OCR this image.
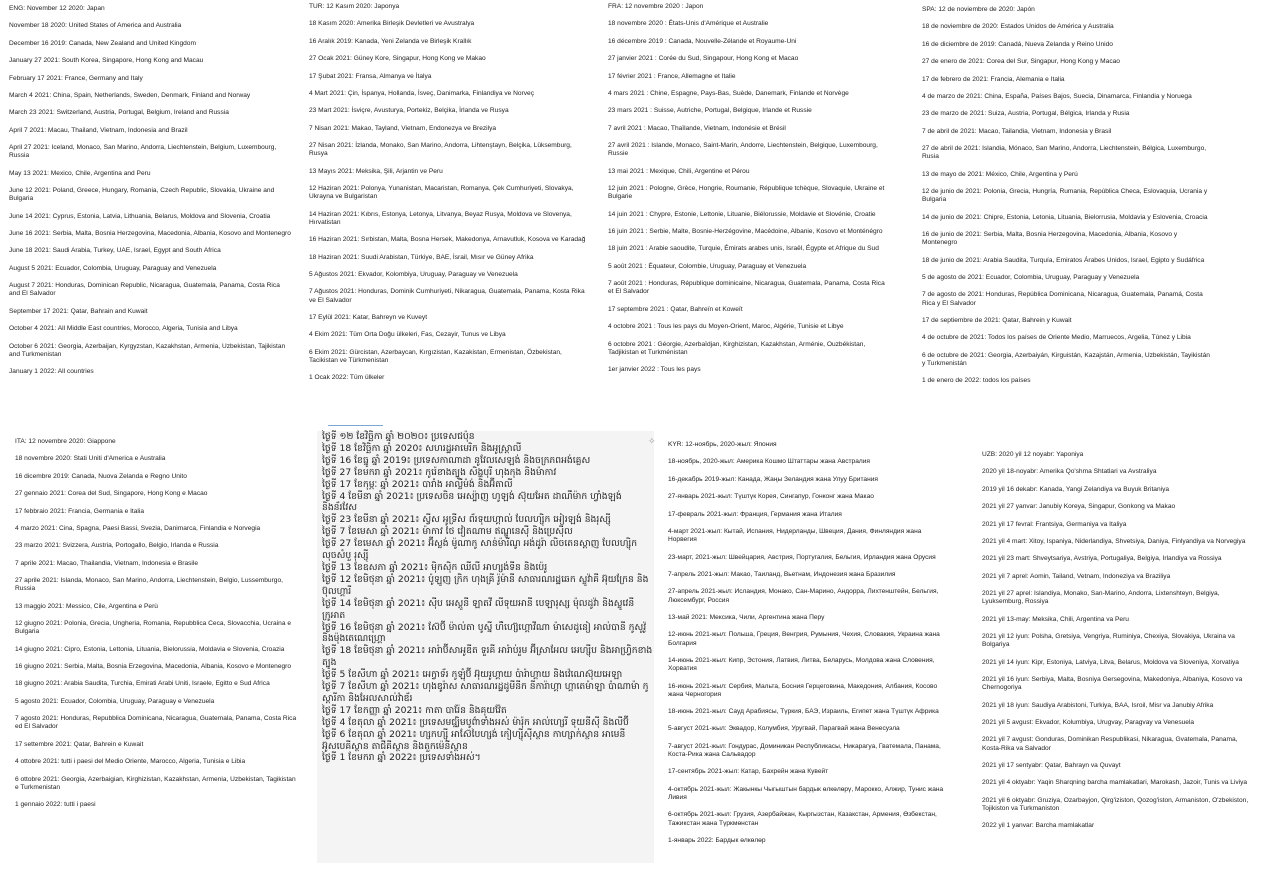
ENG: November 12 2020: Japan

November 18 2020: United States of America and Australia

December 16 2019: Canada, New Zealand and United Kingdom

January 27 2021: South Korea, Singapore, Hong Kong and Macau

February 17 2021: France, Germany and Italy

March 4 2021: China, Spain, Netherlands, Sweden, Denmark, Finland and Norway

March 23 2021: Switzerland, Austria, Portugal, Belgium, Ireland and Russia

April 7 2021: Macau, Thailand, Vietnam, Indonesia and Brazil

April 27 2021: Iceland, Monaco, San Marino, Andorra, Liechtenstein, Belgium, Luxembourg, Russia

May 13 2021: Mexico, Chile, Argentina and Peru

June 12 2021: Poland, Greece, Hungary, Romania, Czech Republic, Slovakia, Ukraine and Bulgaria

June 14 2021: Cyprus, Estonia, Latvia, Lithuania, Belarus, Moldova and Slovenia, Croatia

June 16 2021: Serbia, Malta, Bosnia Herzegovina, Macedonia, Albania, Kosovo and Montenegro

June 18 2021: Saudi Arabia, Turkey, UAE, Israel, Egypt and South Africa

August 5 2021: Ecuador, Colombia, Uruguay, Paraguay and Venezuela

August 7 2021: Honduras, Dominican Republic, Nicaragua, Guatemala, Panama, Costa Rica and El Salvador

September 17 2021: Qatar, Bahrain and Kuwait

October 4 2021: All Middle East countries, Morocco, Algeria, Tunisia and Libya

October 6 2021: Georgia, Azerbaijan, Kyrgyzstan, Kazakhstan, Armenia, Uzbekistan, Tajikistan and Turkmenistan

January 1 2022: All countries

TUR: 12 Kasım 2020: Japonya

18 Kasım 2020: Amerika Birleşik Devletleri ve Avustralya

16 Aralık 2019: Kanada, Yeni Zelanda ve Birleşik Krallık

27 Ocak 2021: Güney Kore, Singapur, Hong Kong ve Makao

17 Şubat 2021: Fransa, Almanya ve İtalya

4 Mart 2021: Çin, İspanya, Hollanda, İsveç, Danimarka, Finlandiya ve Norveç

23 Mart 2021: İsviçre, Avusturya, Portekiz, Belçika, İrlanda ve Rusya

7 Nisan 2021: Makao, Tayland, Vietnam, Endonezya ve Brezilya

27 Nisan 2021: İzlanda, Monako, San Marino, Andorra, Lihtenştayn, Belçika, Lüksemburg, Rusya

13 Mayıs 2021: Meksika, Şili, Arjantin ve Peru

12 Haziran 2021: Polonya, Yunanistan, Macaristan, Romanya, Çek Cumhuriyeti, Slovakya, Ukrayna ve Bulgaristan

14 Haziran 2021: Kıbrıs, Estonya, Letonya, Litvanya, Beyaz Rusya, Moldova ve Slovenya, Hırvatistan

16 Haziran 2021: Sırbistan, Malta, Bosna Hersek, Makedonya, Arnavutluk, Kosova ve Karadağ

18 Haziran 2021: Suudi Arabistan, Türkiye, BAE, İsrail, Mısır ve Güney Afrika

5 Ağustos 2021: Ekvador, Kolombiya, Uruguay, Paraguay ve Venezuela

7 Ağustos 2021: Honduras, Dominik Cumhuriyeti, Nikaragua, Guatemala, Panama, Kosta Rika ve El Salvador

17 Eylül 2021: Katar, Bahreyn ve Kuveyt

4 Ekim 2021: Tüm Orta Doğu ülkeleri, Fas, Cezayir, Tunus ve Libya

6 Ekim 2021: Gürcistan, Azerbaycan, Kırgızistan, Kazakistan, Ermenistan, Özbekistan, Tacikistan ve Türkmenistan

1 Ocak 2022: Tüm ülkeler

FRA: 12 novembre 2020 : Japon

18 novembre 2020 : États-Unis d'Amérique et Australie

16 décembre 2019 : Canada, Nouvelle-Zélande et Royaume-Uni

27 janvier 2021 : Corée du Sud, Singapour, Hong Kong et Macao

17 février 2021 : France, Allemagne et Italie

4 mars 2021 : Chine, Espagne, Pays-Bas, Suède, Danemark, Finlande et Norvège

23 mars 2021 : Suisse, Autriche, Portugal, Belgique, Irlande et Russie

7 avril 2021 : Macao, Thaïlande, Vietnam, Indonésie et Brésil

27 avril 2021 : Islande, Monaco, Saint-Marin, Andorre, Liechtenstein, Belgique, Luxembourg, Russie

13 mai 2021 : Mexique, Chili, Argentine et Pérou

12 juin 2021 : Pologne, Grèce, Hongrie, Roumanie, République tchèque, Slovaquie, Ukraine et Bulgarie

14 juin 2021 : Chypre, Estonie, Lettonie, Lituanie, Biélorussie, Moldavie et Slovénie, Croatie

16 juin 2021 : Serbie, Malte, Bosnie-Herzégovine, Macédoine, Albanie, Kosovo et Monténégro

18 juin 2021 : Arabie saoudite, Turquie, Émirats arabes unis, Israël, Égypte et Afrique du Sud

5 août 2021 : Équateur, Colombie, Uruguay, Paraguay et Venezuela

7 août 2021 : Honduras, République dominicaine, Nicaragua, Guatemala, Panama, Costa Rica et El Salvador

17 septembre 2021 : Qatar, Bahreïn et Koweït

4 octobre 2021 : Tous les pays du Moyen-Orient, Maroc, Algérie, Tunisie et Libye

6 octobre 2021 : Géorgie, Azerbaïdjan, Kirghizistan, Kazakhstan, Arménie, Ouzbékistan, Tadjikistan et Turkménistan

1er janvier 2022 : Tous les pays

SPA: 12 de noviembre de 2020: Japón

18 de noviembre de 2020: Estados Unidos de América y Australia

16 de diciembre de 2019: Canadá, Nueva Zelanda y Reino Unido

27 de enero de 2021: Corea del Sur, Singapur, Hong Kong y Macao

17 de febrero de 2021: Francia, Alemania e Italia

4 de marzo de 2021: China, España, Países Bajos, Suecia, Dinamarca, Finlandia y Noruega

23 de marzo de 2021: Suiza, Austria, Portugal, Bélgica, Irlanda y Rusia

7 de abril de 2021: Macao, Tailandia, Vietnam, Indonesia y Brasil

27 de abril de 2021: Islandia, Mónaco, San Marino, Andorra, Liechtenstein, Bélgica, Luxemburgo, Rusia

13 de mayo de 2021: México, Chile, Argentina y Perú

12 de junio de 2021: Polonia, Grecia, Hungría, Rumania, República Checa, Eslovaquia, Ucrania y Bulgaria

14 de junio de 2021: Chipre, Estonia, Letonia, Lituania, Bielorrusia, Moldavia y Eslovenia, Croacia

16 de junio de 2021: Serbia, Malta, Bosnia Herzegovina, Macedonia, Albania, Kosovo y Montenegro

18 de junio de 2021: Arabia Saudita, Turquía, Emiratos Árabes Unidos, Israel, Egipto y Sudáfrica

5 de agosto de 2021: Ecuador, Colombia, Uruguay, Paraguay y Venezuela

7 de agosto de 2021: Honduras, República Dominicana, Nicaragua, Guatemala, Panamá, Costa Rica y El Salvador

17 de septiembre de 2021: Qatar, Bahrein y Kuwait

4 de octubre de 2021: Todos los países de Oriente Medio, Marruecos, Argelia, Túnez y Libia

6 de octubre de 2021: Georgia, Azerbaiyán, Kirguistán, Kazajstán, Armenia, Uzbekistán, Tayikistán y Turkmenistán

1 de enero de 2022: todos los países

ITA: 12 novembre 2020: Giappone

18 novembre 2020: Stati Uniti d'America e Australia

16 dicembre 2019: Canada, Nuova Zelanda e Regno Unito

27 gennaio 2021: Corea del Sud, Singapore, Hong Kong e Macao

17 febbraio 2021: Francia, Germania e Italia

4 marzo 2021: Cina, Spagna, Paesi Bassi, Svezia, Danimarca, Finlandia e Norvegia

23 marzo 2021: Svizzera, Austria, Portogallo, Belgio, Irlanda e Russia

7 aprile 2021: Macao, Thailandia, Vietnam, Indonesia e Brasile

27 aprile 2021: Islanda, Monaco, San Marino, Andorra, Liechtenstein, Belgio, Lussemburgo, Russia

13 maggio 2021: Messico, Cile, Argentina e Perù

12 giugno 2021: Polonia, Grecia, Ungheria, Romania, Repubblica Ceca, Slovacchia, Ucraina e Bulgaria

14 giugno 2021: Cipro, Estonia, Lettonia, Lituania, Bielorussia, Moldavia e Slovenia, Croazia

16 giugno 2021: Serbia, Malta, Bosnia Erzegovina, Macedonia, Albania, Kosovo e Montenegro

18 giugno 2021: Arabia Saudita, Turchia, Emirati Arabi Uniti, Israele, Egitto e Sud Africa

5 agosto 2021: Ecuador, Colombia, Uruguay, Paraguay e Venezuela

7 agosto 2021: Honduras, Repubblica Dominicana, Nicaragua, Guatemala, Panama, Costa Rica ed El Salvador

17 settembre 2021: Qatar, Bahrein e Kuwait

4 ottobre 2021: tutti i paesi del Medio Oriente, Marocco, Algeria, Tunisia e Libia

6 ottobre 2021: Georgia, Azerbaigian, Kirghizistan, Kazakhstan, Armenia, Uzbekistan, Tagikistan e Turkmenistan

1 gennaio 2022: tutti i paesi

ថ្ងៃទី ១២ ខែវិច្ឆិកា ឆ្នាំ ២០២០៖ ប្រទេសជប៉ុន

ថ្ងៃទី 18 ខែវិច្ឆិកា ឆ្នាំ 2020៖ សហរដ្ឋអាមេរិក និងអូស្ត្រាលី

ថ្ងៃទី 16 ខែធ្នូ ឆ្នាំ 2019៖ ប្រទេសកាណាដា នូវែលសេឡង់ និងចក្រភពអង់គ្លេស

ថ្ងៃទី 27 ខែមករា ឆ្នាំ 2021៖ កូរ៉េខាងត្បូង សិង្ហបុរី ហុងកុង និងម៉ាកាវ

ថ្ងៃទី 17 ខែកុម្ភៈ ឆ្នាំ 2021៖ បារាំង អាល្លឺម៉ង់ និងអ៊ីតាលី

ថ្ងៃទី 4 ខែមីនា ឆ្នាំ 2021៖ ប្រទេសចិន អេស្ប៉ាញ ហូឡង់ ស៊ុយអែត ដាណឺម៉ាក ហ្វាំងឡង់ និងន័រវែស

ថ្ងៃទី 23 ខែមីនា ឆ្នាំ 2021៖ ស្វីស អូទ្រីស ព័រទុយហ្គាល់ បែលហ្ស៊ិក អៀរឡង់ និងរុស្ស៊ី

ថ្ងៃទី 7 ខែមេសា ឆ្នាំ 2021៖ ម៉ាកាវ ថៃ វៀតណាម ឥណ្ឌូនេស៊ី និងប្រេស៊ីល

ថ្ងៃទី 27 ខែមេសា ឆ្នាំ 2021៖ អ៊ីស្លង់ ម៉ូណាកូ សាន់ម៉ារីណូ អង់ដូរ៉ា លិចតេនស្ដាញ បែលហ្ស៊ិក លុចសំបួ រុស្ស៊ី

ថ្ងៃទី 13 ខែឧសភា ឆ្នាំ 2021៖ ម៉ិកស៊ិក ឈីលី អាហ្សង់ទីន និងប៉េរូ

ថ្ងៃទី 12 ខែមិថុនា ឆ្នាំ 2021៖ ប៉ូឡូញ ក្រិក ហុងគ្រី រ៉ូម៉ានី សាធារណរដ្ឋឆេក ស្លូវ៉ាគី អ៊ុយក្រែន និងប៊ុលហ្គារី

ថ្ងៃទី 14 ខែមិថុនា ឆ្នាំ 2021៖ ស៊ីប អេស្តូនី ឡាតវី លីទុយអានី បេឡារុស្ស ម៉ុលដូវ៉ា និងស្លូវេនី ក្រូអាត

ថ្ងៃទី 16 ខែមិថុនា ឆ្នាំ 2021៖ ស៊ែប៊ី ម៉ាល់តា បូស្នី ហឺហ្ស៊េហ្គោវីណា ម៉ាសេដូនៀ អាល់បានី កូសូវ៉ូ និងម៉ុងតេណេហ្គ្រោ

ថ្ងៃទី 18 ខែមិថុនា ឆ្នាំ 2021៖ អារ៉ាប៊ីសាអូឌីត ទួរគី អារ៉ាប់រួម អ៊ីស្រាអែល អេហ្ស៊ីប និងអាហ្វ្រិកខាងត្បូង

ថ្ងៃទី 5 ខែសីហា ឆ្នាំ 2021៖ អេក្វាទ័រ កូឡុំប៊ី អ៊ុយរូហ្គាយ ប៉ារ៉ាហ្គាយ និងវ៉េណេស៊ុយអេឡា

ថ្ងៃទី 7 ខែសីហា ឆ្នាំ 2021៖ ហុងឌូរ៉ាស សាធារណរដ្ឋដូមីនីក នីការ៉ាហ្គា ហ្គាតេម៉ាឡា ប៉ាណាម៉ា កូស្តារីកា និងអែលសាល់វ៉ាឌ័រ

ថ្ងៃទី 17 ខែកញ្ញា ឆ្នាំ 2021៖ កាតា បារ៉ែន និងគុយវ៉ែត

ថ្ងៃទី 4 ខែតុលា ឆ្នាំ 2021៖ ប្រទេសមជ្ឈិមបូព៌ាទាំងអស់ ម៉ារ៉ុក អាល់ហ្សេរី ទុយនីស៊ី និងលីប៊ី

ថ្ងៃទី 6 ខែតុលា ឆ្នាំ 2021៖ ហ្សកហ្ស៊ី អាស៊ែបៃហ្សង់ កៀហ្ស៊ីស៊ីស្ថាន កាហ្សាក់ស្ថាន អាមេនី អ៊ូសបេគីស្ថាន តាជីគីស្ថាន និងតួកម៉េនីស្ថាន

ថ្ងៃទី 1 ខែមករា ឆ្នាំ 2022៖ ប្រទេសទាំងអស់។

✧ KYR: 12-ноябрь, 2020-жыл: Япония

18-ноябрь, 2020-жыл: Америка Кошмо Штаттары жана Австралия

16-декабрь 2019-жыл: Канада, Жаңы Зеландия жана Улуу Британия

27-январь 2021-жыл: Түштүк Корея, Сингапур, Гонконг жана Макао

17-февраль 2021-жыл: Франция, Германия жана Италия

4-март 2021-жыл: Кытай, Испания, Нидерланды, Швеция, Дания, Финляндия жана Норвегия

23-март, 2021-жыл: Швейцария, Австрия, Португалия, Бельгия, Ирландия жана Орусия

7-апрель 2021-жыл: Макао, Таиланд, Вьетнам, Индонезия жана Бразилия

27-апрель 2021-жыл: Исландия, Монако, Сан-Марино, Андорра, Лихтенштейн, Бельгия, Люксембург, Россия

13-май 2021: Мексика, Чили, Аргентина жана Перу

12-июнь 2021-жыл: Польша, Греция, Венгрия, Румыния, Чехия, Словакия, Украина жана Болгария

14-июнь 2021-жыл: Кипр, Эстония, Латвия, Литва, Беларусь, Молдова жана Словения, Хорватия

16-июнь 2021-жыл: Сербия, Мальта, Босния Герцеговина, Македония, Албания, Косово жана Черногория

18-июнь 2021-жыл: Сауд Арабиясы, Түркия, БАЭ, Израиль, Египет жана Түштүк Африка

5-август 2021-жыл: Эквадор, Колумбия, Уругвай, Парагвай жана Венесуэла

7-август 2021-жыл: Гондурас, Доминикан Республикасы, Никарагуа, Гватемала, Панама, Коста-Рика жана Сальвадор

17-сентябрь 2021-жыл: Катар, Бахрейн жана Кувейт

4-октябрь 2021-жыл: Жакынкы Чыгыштын бардык өлкөлөрү, Марокко, Алжир, Тунис жана Ливия

6-октябрь 2021-жыл: Грузия, Азербайжан, Кыргызстан, Казакстан, Армения, Өзбекстан, Тажикстан жана Түркмөнстан

1-январь 2022: Бардык өлкөлөр

UZB: 2020 yil 12 noyabr: Yaponiya

2020 yil 18-noyabr: Amerika Qo'shma Shtatlari va Avstraliya

2019 yil 16 dekabr: Kanada, Yangi Zelandiya va Buyuk Britaniya

2021 yil 27 yanvar: Janubiy Koreya, Singapur, Gonkong va Makao

2021 yil 17 fevral: Frantsiya, Germaniya va Italiya

2021 yil 4 mart: Xitoy, Ispaniya, Niderlandiya, Shvetsiya, Daniya, Finlyandiya va Norvegiya

2021 yil 23 mart: Shveytsariya, Avstriya, Portugaliya, Belgiya, Irlandiya va Rossiya

2021 yil 7 aprel: Aomin, Tailand, Vetnam, Indoneziya va Braziliya

2021 yil 27 aprel: Islandiya, Monako, San-Marino, Andorra, Lixtenshteyn, Belgiya, Lyuksemburg, Rossiya

2021 yil 13-may: Meksika, Chili, Argentina va Peru

2021 yil 12 iyun: Polsha, Gretsiya, Vengriya, Ruminiya, Chexiya, Slovakiya, Ukraina va Bolgariya

2021 yil 14 iyun: Kipr, Estoniya, Latviya, Litva, Belarus, Moldova va Sloveniya, Xorvatiya

2021 yil 16 iyun: Serbiya, Malta, Bosniya Gersegovina, Makedoniya, Albaniya, Kosovo va Chernogoriya

2021 yil 18 iyun: Saudiya Arabistoni, Turkiya, BAA, Isroil, Misr va Janubiy Afrika

2021 yil 5 avgust: Ekvador, Kolumbiya, Urugvay, Paragvay va Venesuela

2021 yil 7 avgust: Gonduras, Dominikan Respublikasi, Nikaragua, Gvatemala, Panama, Kosta-Rika va Salvador

2021 yil 17 sentyabr: Qatar, Bahrayn va Quvayt

2021 yil 4 oktyabr: Yaqin Sharqning barcha mamlakatlari, Marokash, Jazoir, Tunis va Liviya

2021 yil 6 oktyabr: Gruziya, Ozarbayjon, Qirg'iziston, Qozog'iston, Armaniston, O'zbekiston, Tojikiston va Turkmaniston

2022 yil 1 yanvar: Barcha mamlakatlar
